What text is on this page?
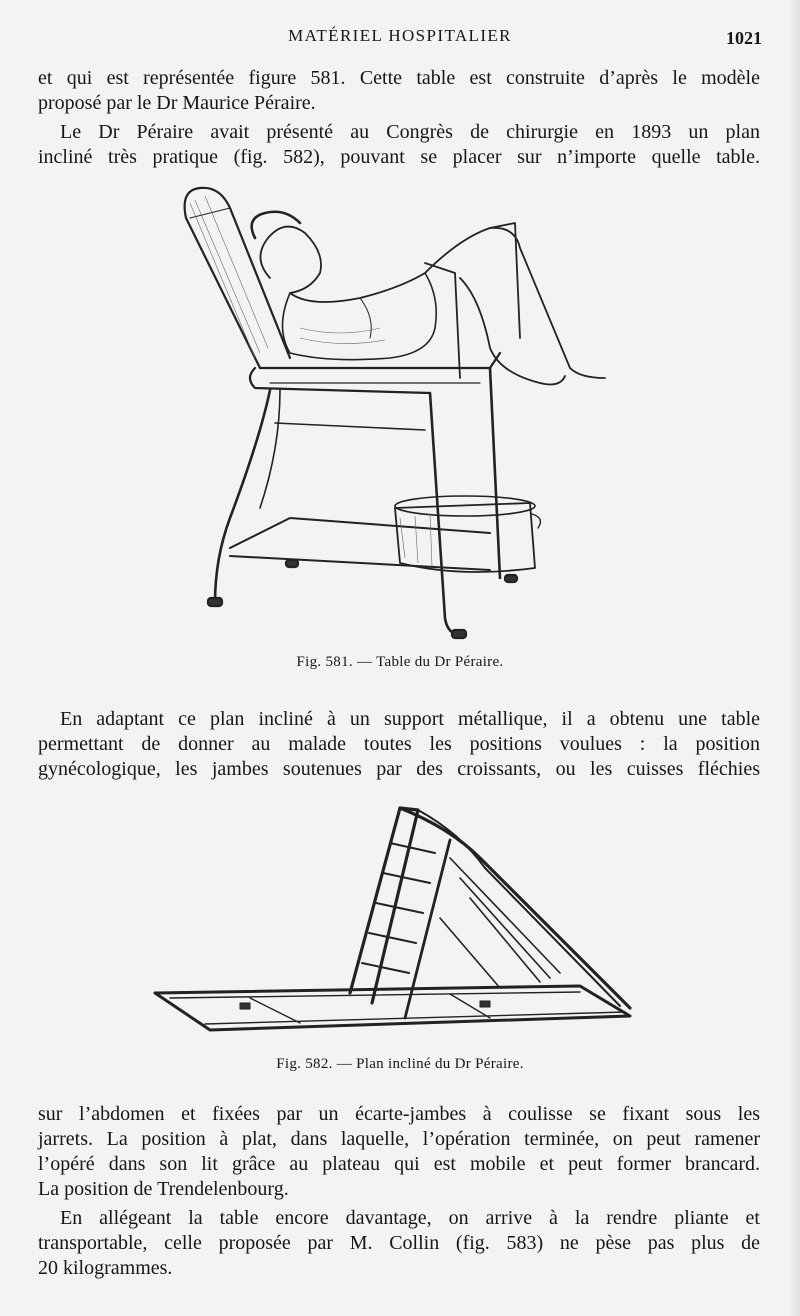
MATÉRIEL HOSPITALIER	1021
et qui est représentée figure 581. Cette table est construite d’après le modèle
proposé par le Dr Maurice Péraire.
Le Dr Péraire avait présenté au Congrès de chirurgie en 1893 un plan
incliné très pratique (fig. 582), pouvant se placer sur n’importe quelle table.
Fig. 581. — Table du Dr Péraire.
En adaptant ce plan incliné à un support métallique, il a obtenu une table
permettant de donner au malade toutes les positions voulues : la position
gynécologique, les jambes soutenues par des croissants, ou les cuisses fléchies
Fig. 582. — Plan incliné du Dr Péraire.
sur l’abdomen et fixées par un écarte-jambes à coulisse se fixant sous les
jarrets. La position à plat, dans laquelle, l’opération terminée, on peut ramener
l’opéré dans son lit grâce au plateau qui est mobile et peut former brancard.
La position de Trendelenbourg.
En allégeant la table encore davantage, on arrive à la rendre pliante et
transportable, celle proposée par M. Collin (fig. 583) ne pèse pas plus de
20 kilogrammes.
